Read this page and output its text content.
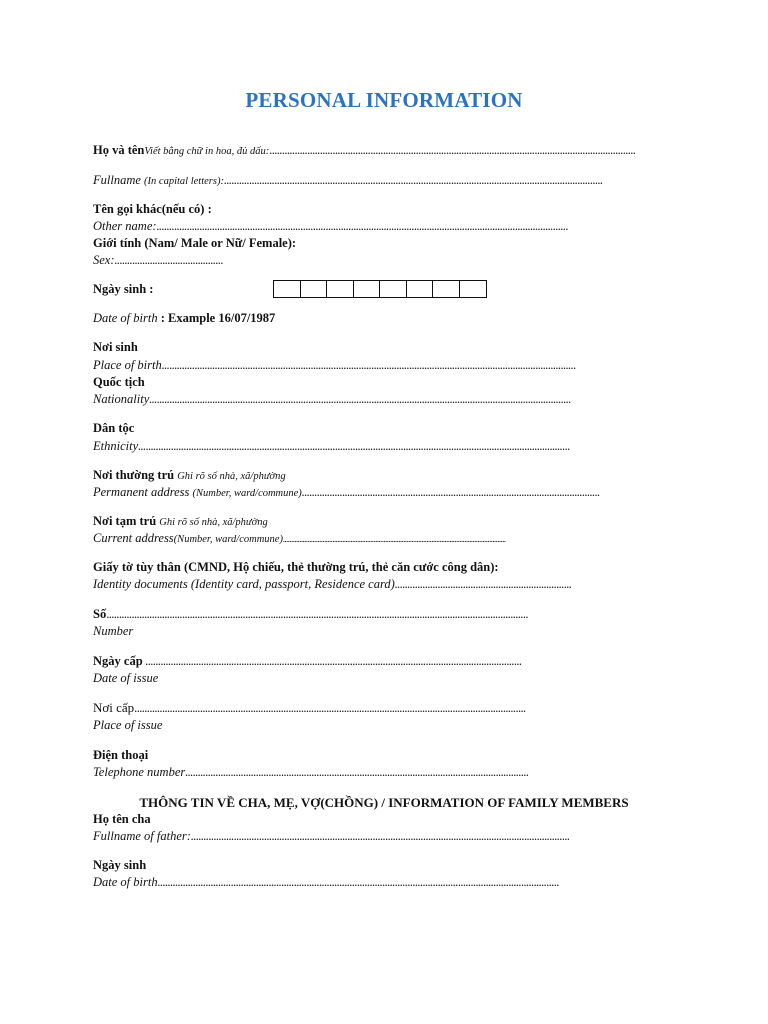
PERSONAL INFORMATION
Họ và tênViết bằng chữ in hoa, đủ dấu:.................................................................................................................................................
Fullname (In capital letters):......................................................................................................................................................
Tên gọi khác(nếu có) :
Other name:...................................................................................................................................................................
Giới tính (Nam/ Male or Nữ/ Female):
Sex:...........................................
Ngày sinh :
Date of birth : Example 16/07/1987
Nơi sinh
Place of birth....................................................................................................................................................................
Quốc tịch
Nationality.......................................................................................................................................................................
Dân tộc
Ethnicity...........................................................................................................................................................................
Nơi thường trú Ghi rõ số nhà, xã/phường
Permanent address (Number, ward/commune)......................................................................................................................
Nơi tạm trú Ghi rõ số nhà, xã/phường
Current address(Number, ward/commune).......................................................................................................................................
Giấy tờ tùy thân (CMND, Hộ chiếu, thẻ thường trú, thẻ căn cước công dân):
Identity documents (Identity card, passport, Residence card)......................................................................
Số.......................................................................................................................................................................
Number
Ngày cấp .....................................................................................................................................................
Date of issue
Nơi cấp...........................................................................................................................................................
Place of issue
Điện thoại
Telephone number........................................................................................................................................
THÔNG TIN VỀ CHA, MẸ, VỢ(CHỒNG) / INFORMATION OF FAMILY MEMBERS
Họ tên cha
Fullname of father:......................................................................................................................................................
Ngày sinh
Date of birth...............................................................................................................................................................
